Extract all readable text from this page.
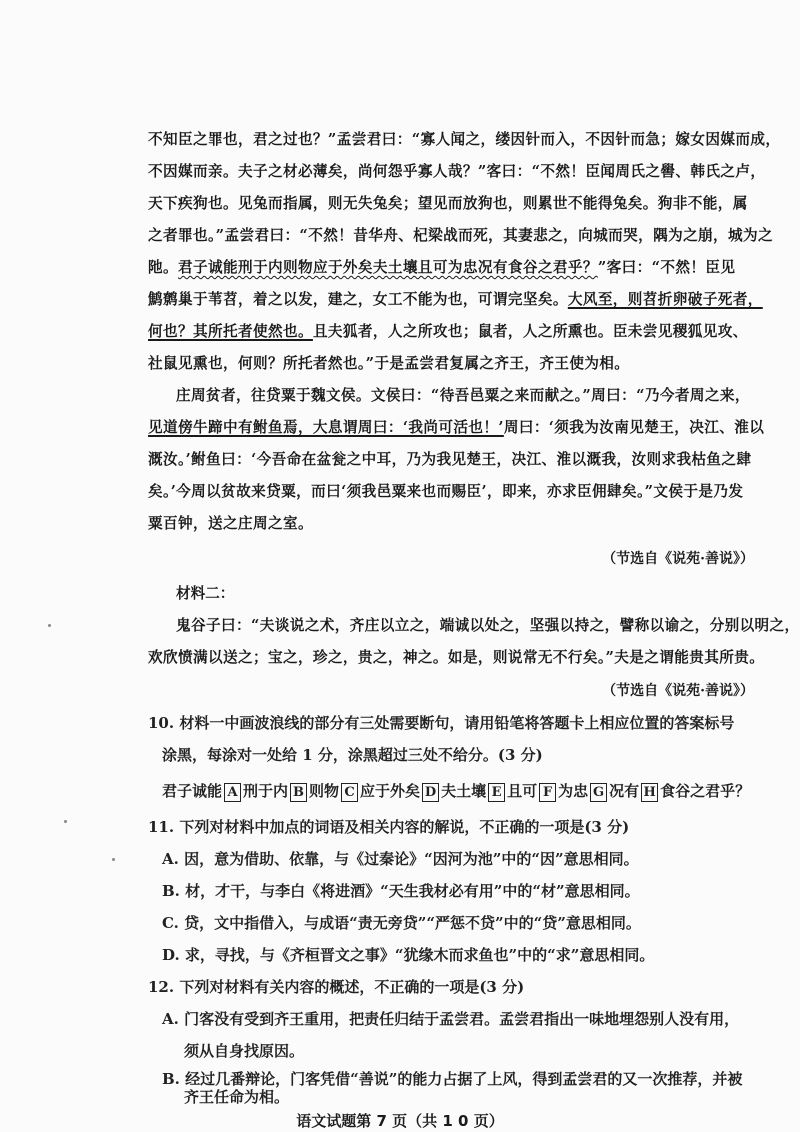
不知臣之罪也，君之过也？”孟尝君曰：“寡人闻之，缕因针而入，不因针而急；嫁女因媒而成，
不因媒而亲。夫子之材必薄矣，尚何怨乎寡人哉？”客曰：“不然！臣闻周氏之嚳、韩氏之卢，
天下疾狗也。见兔而指属，则无失兔矣；望见而放狗也，则累世不能得兔矣。狗非不能，属
之者罪也。”孟尝君曰：“不然！昔华舟、杞梁战而死，其妻悲之，向城而哭，隅为之崩，城为之
阤。君子诚能刑于内则物应于外矣夫土壤且可为忠况有食谷之君乎？”客曰：“不然！臣见
鹪鹩巢于苇苕，着之以发，建之，女工不能为也，可谓完坚矣。大风至，则苕折卵破子死者，
何也？其所托者使然也。且夫狐者，人之所攻也；鼠者，人之所熏也。臣未尝见稷狐见攻、
社鼠见熏也，何则？所托者然也。”于是孟尝君复属之齐王，齐王使为相。
庄周贫者，往贷粟于魏文侯。文侯曰：“待吾邑粟之来而献之。”周曰：“乃今者周之来，
见道傍牛蹄中有鲋鱼焉，大息谓周曰：‘我尚可活也！’周曰：‘须我为汝南见楚王，决江、淮以
溉汝。’鲋鱼曰：‘今吾命在盆瓮之中耳，乃为我见楚王，决江、淮以溉我，汝则求我枯鱼之肆
矣。’今周以贫故来贷粟，而曰‘须我邑粟来也而赐臣’，即来，亦求臣佣肆矣。”文侯于是乃发
粟百钟，送之庄周之室。
（节选自《说苑·善说》）
材料二：
鬼谷子曰：“夫谈说之术，齐庄以立之，端诚以处之，坚强以持之，譬称以谕之，分别以明之，
欢欣愤满以送之；宝之，珍之，贵之，神之。如是，则说常无不行矣。”夫是之谓能贵其所贵。
（节选自《说苑·善说》）
10. 材料一中画波浪线的部分有三处需要断句，请用铅笔将答题卡上相应位置的答案标号
涂黑，每涂对一处给 1 分，涂黑超过三处不给分。(3 分)
君子诚能 A 刑于内 B 则物 C 应于外矣 D 夫土壤 E 且可 F 为忠 G 况有 H 食谷之君乎？
11. 下列对材料中加点的词语及相关内容的解说，不正确的一项是(3 分)
A. 因，意为借助、依靠，与《过秦论》“因河为池”中的“因”意思相同。
B. 材，才干，与李白《将进酒》“天生我材必有用”中的“材”意思相同。
C. 贷，文中指借入，与成语“责无旁贷”“严惩不贷”中的“贷”意思相同。
D. 求，寻找，与《齐桓晋文之事》“犹缘木而求鱼也”中的“求”意思相同。
12. 下列对材料有关内容的概述，不正确的一项是(3 分)
A. 门客没有受到齐王重用，把责任归结于孟尝君。孟尝君指出一味地埋怨别人没有用，
须从自身找原因。
B. 经过几番辩论，门客凭借“善说”的能力占据了上风，得到孟尝君的又一次推荐，并被
语文试题第 7 页（共 1 0 页）
齐王任命为相。
